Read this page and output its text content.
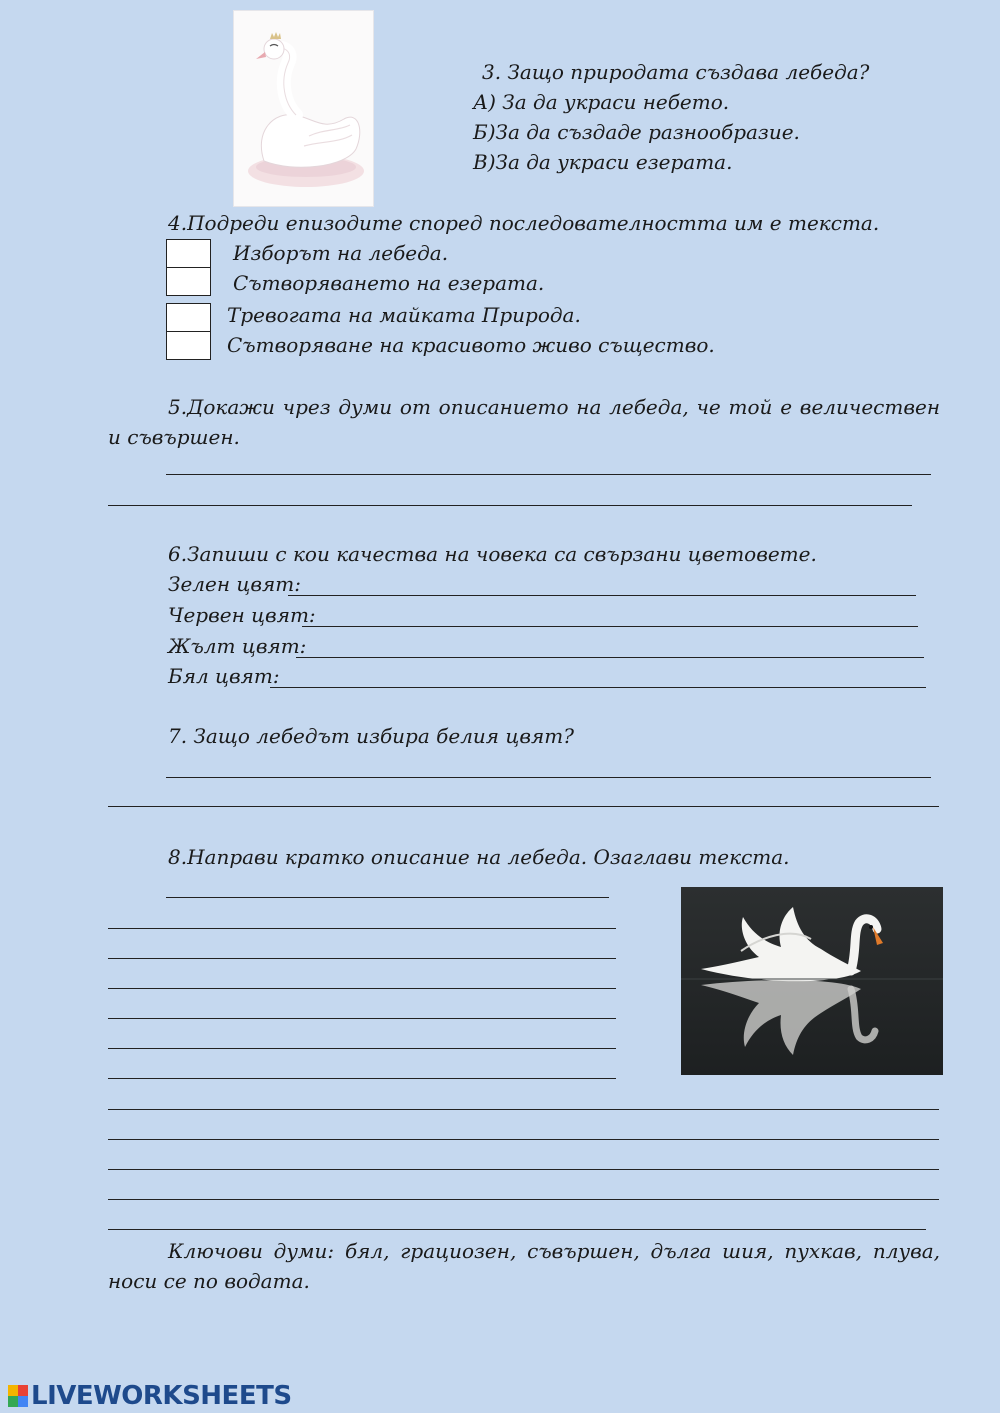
3. Защо природата създава лебеда?
А) За да украси небето.
Б)За да създаде разнообразие.
В)За да украси езерата.
4.Подреди епизодите според последователността им е текста.
Изборът на лебеда.
Сътворяването на езерата.
Тревогата на майката Природа.
Сътворяване на красивото живо същество.
5.Докажи чрез думи от описанието на лебеда, че той е величествен и съвършен.
6.Запиши с кои качества на човека са свързани цветовете.
Зелен цвят:
Червен цвят:
Жълт цвят:
Бял цвят:
7. Защо лебедът избира белия цвят?
8.Направи кратко описание на лебеда. Озаглави текста.
Ключови думи: бял, грациозен, съвършен, дълга шия, пухкав, плува, носи се по водата.
LIVEWORKSHEETS
